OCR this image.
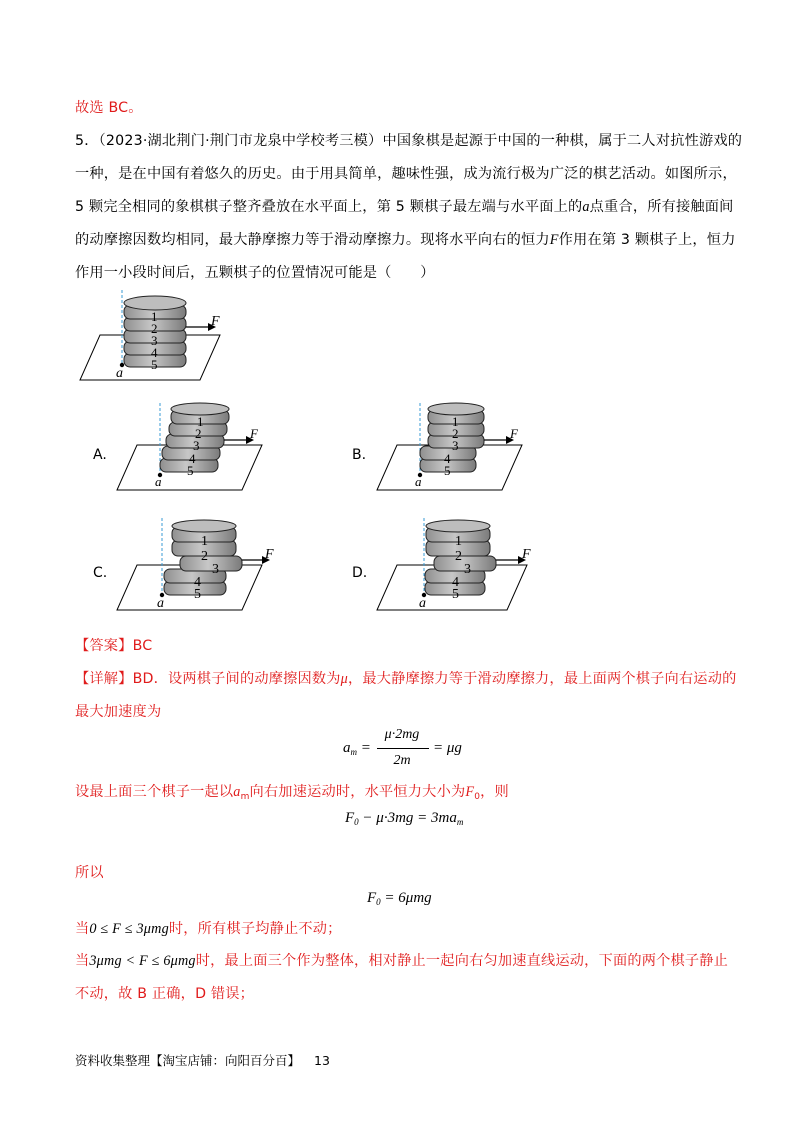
故选 BC。
5．（2023·湖北荆门·荆门市龙泉中学校考三模）中国象棋是起源于中国的一种棋，属于二人对抗性游戏的
一种，是在中国有着悠久的历史。由于用具简单，趣味性强，成为流行极为广泛的棋艺活动。如图所示，
5 颗完全相同的象棋棋子整齐叠放在水平面上，第 5 颗棋子最左端与水平面上的a点重合，所有接触面间
的动摩擦因数均相同，最大静摩擦力等于滑动摩擦力。现将水平向右的恒力F作用在第 3 颗棋子上，恒力
作用一小段时间后，五颗棋子的位置情况可能是（　　）
1
2
3
4
5
F
a
A.
1
2
3
4
5
F
a
B.
1
2
3
4
5
F
a
C.
1
2
3
4
5
F
a
D.
1
2
3
4
5
F
a
【答案】BC
【详解】BD．设两棋子间的动摩擦因数为μ，最大静摩擦力等于滑动摩擦力，最上面两个棋子向右运动的
最大加速度为
$a_m$ =
μ·2mg
2m
= μg
设最上面三个棋子一起以$a_m$向右加速运动时，水平恒力大小为$F_0$，则
$F_0 - \mu\cdot 3mg = 3ma_m$
所以
$F_0 = 6\mu mg$
当0 ≤ F ≤ 3μmg时，所有棋子均静止不动；
当3μmg < F ≤ 6μmg时，最上面三个作为整体，相对静止一起向右匀加速直线运动，下面的两个棋子静止
不动，故 B 正确，D 错误；
资料收集整理【淘宝店铺：向阳百分百】 13
